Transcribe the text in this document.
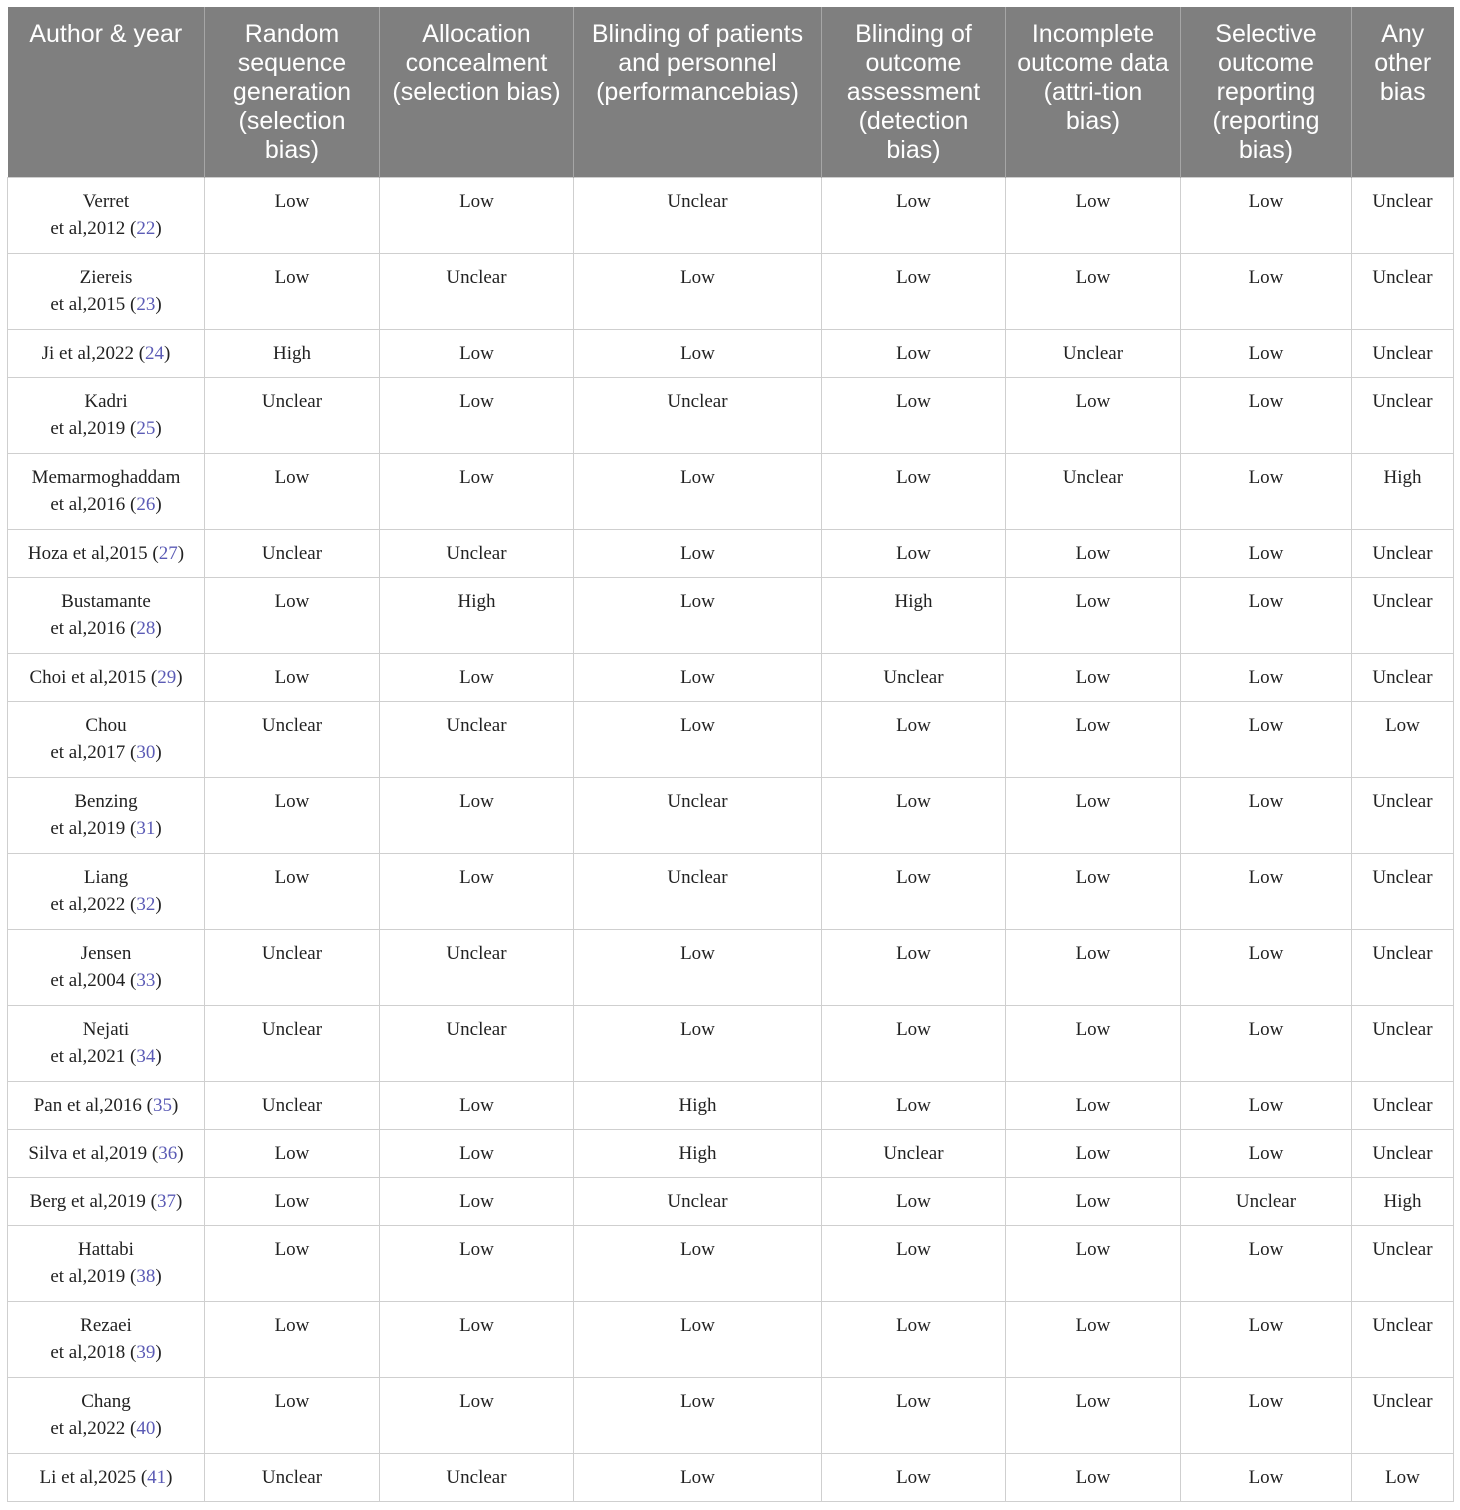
Author & year	Random sequence generation (selection bias)	Allocation concealment (selection bias)	Blinding of patients and personnel (performancebias)	Blinding of outcome assessment (detection bias)	Incomplete outcome data (attri-tion bias)	Selective outcome reporting (reporting bias)	Any other bias

Verret
et al,2012 (22)	Low	Low	Unclear	Low	Low	Low	Unclear

Ziereis
et al,2015 (23)	Low	Unclear	Low	Low	Low	Low	Unclear

Ji et al,2022 (24)	High	Low	Low	Low	Unclear	Low	Unclear

Kadri
et al,2019 (25)	Unclear	Low	Unclear	Low	Low	Low	Unclear

Memarmoghaddam
et al,2016 (26)	Low	Low	Low	Low	Unclear	Low	High

Hoza et al,2015 (27)	Unclear	Unclear	Low	Low	Low	Low	Unclear

Bustamante
et al,2016 (28)	Low	High	Low	High	Low	Low	Unclear

Choi et al,2015 (29)	Low	Low	Low	Unclear	Low	Low	Unclear

Chou
et al,2017 (30)	Unclear	Unclear	Low	Low	Low	Low	Low

Benzing
et al,2019 (31)	Low	Low	Unclear	Low	Low	Low	Unclear

Liang
et al,2022 (32)	Low	Low	Unclear	Low	Low	Low	Unclear

Jensen
et al,2004 (33)	Unclear	Unclear	Low	Low	Low	Low	Unclear

Nejati
et al,2021 (34)	Unclear	Unclear	Low	Low	Low	Low	Unclear

Pan et al,2016 (35)	Unclear	Low	High	Low	Low	Low	Unclear

Silva et al,2019 (36)	Low	Low	High	Unclear	Low	Low	Unclear

Berg et al,2019 (37)	Low	Low	Unclear	Low	Low	Unclear	High

Hattabi
et al,2019 (38)	Low	Low	Low	Low	Low	Low	Unclear

Rezaei
et al,2018 (39)	Low	Low	Low	Low	Low	Low	Unclear

Chang
et al,2022 (40)	Low	Low	Low	Low	Low	Low	Unclear

Li et al,2025 (41)	Unclear	Unclear	Low	Low	Low	Low	Low
